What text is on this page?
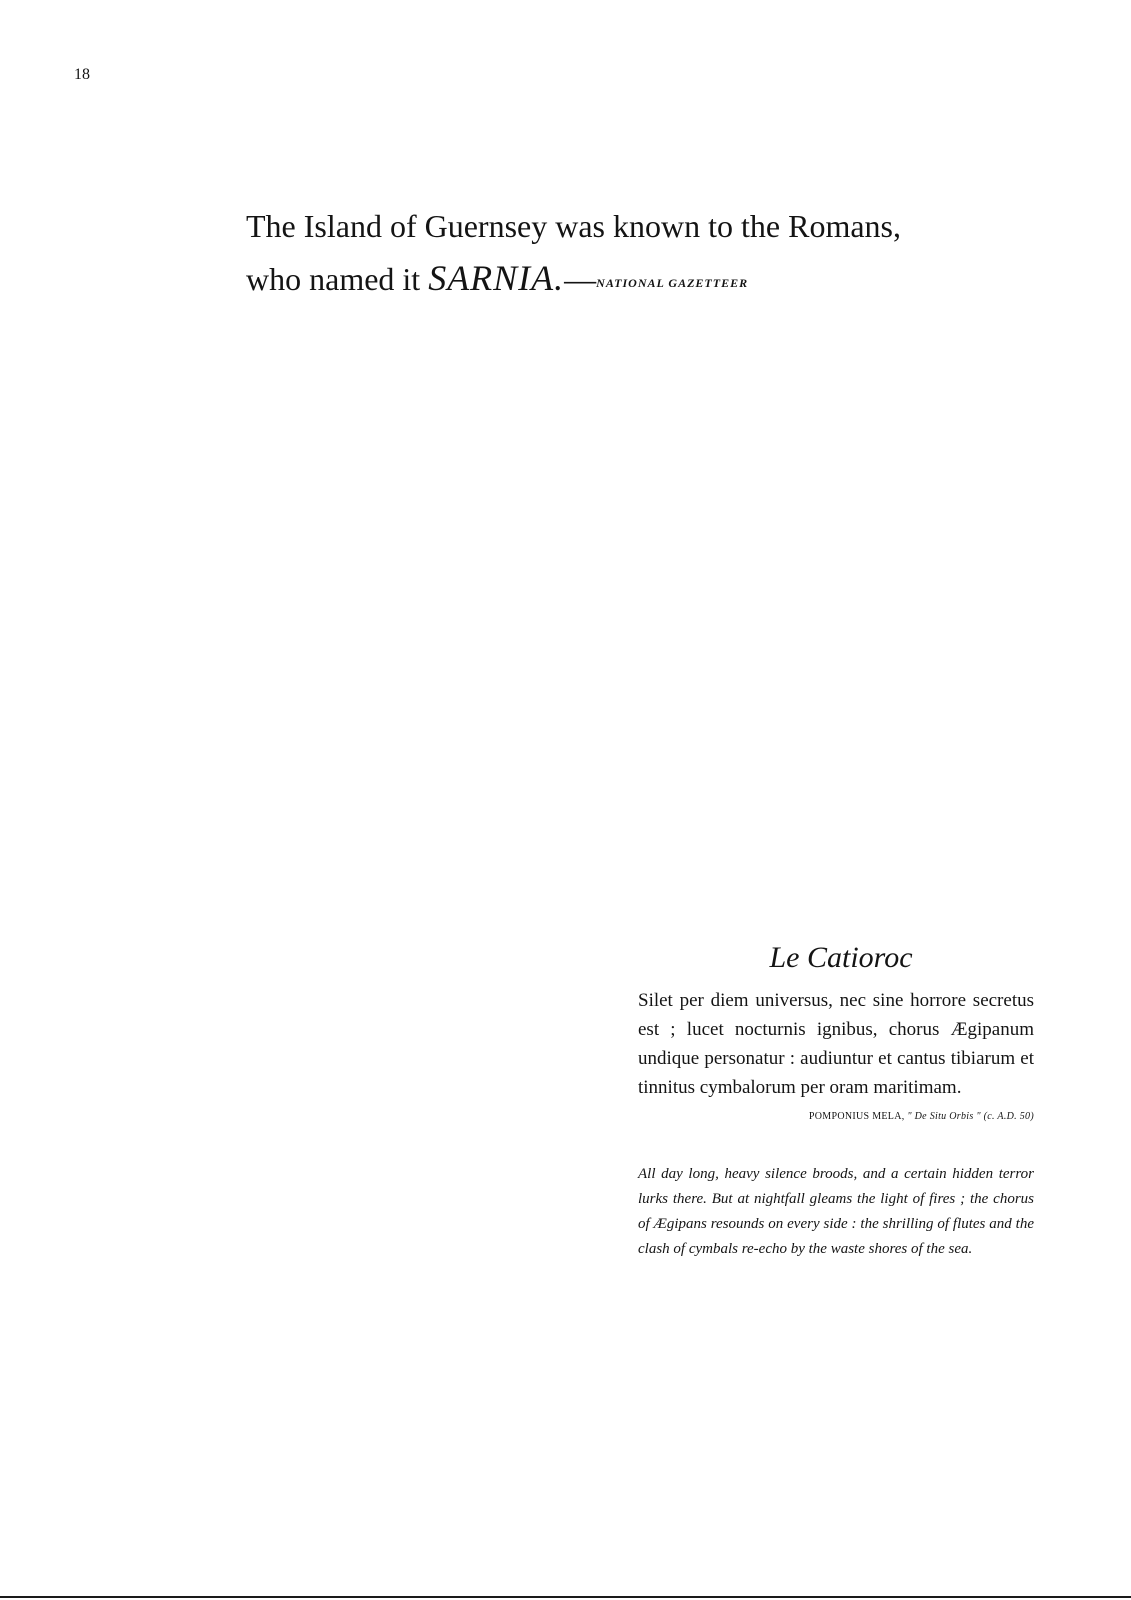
18
The Island of Guernsey was known to the Romans,
who named it SARNIA.—NATIONAL GAZETTEER
Le Catioroc

Silet per diem universus, nec sine horrore secretus est ; lucet nocturnis ignibus, chorus Ægipanum undique personatur : audiuntur et cantus tibiarum et tinnitus cymbalorum per oram maritimam.

POMPONIUS MELA, " De Situ Orbis " (c. A.D. 50)

All day long, heavy silence broods, and a certain hidden terror lurks there. But at nightfall gleams the light of fires ; the chorus of Ægipans resounds on every side : the shrilling of flutes and the clash of cymbals re-echo by the waste shores of the sea.
